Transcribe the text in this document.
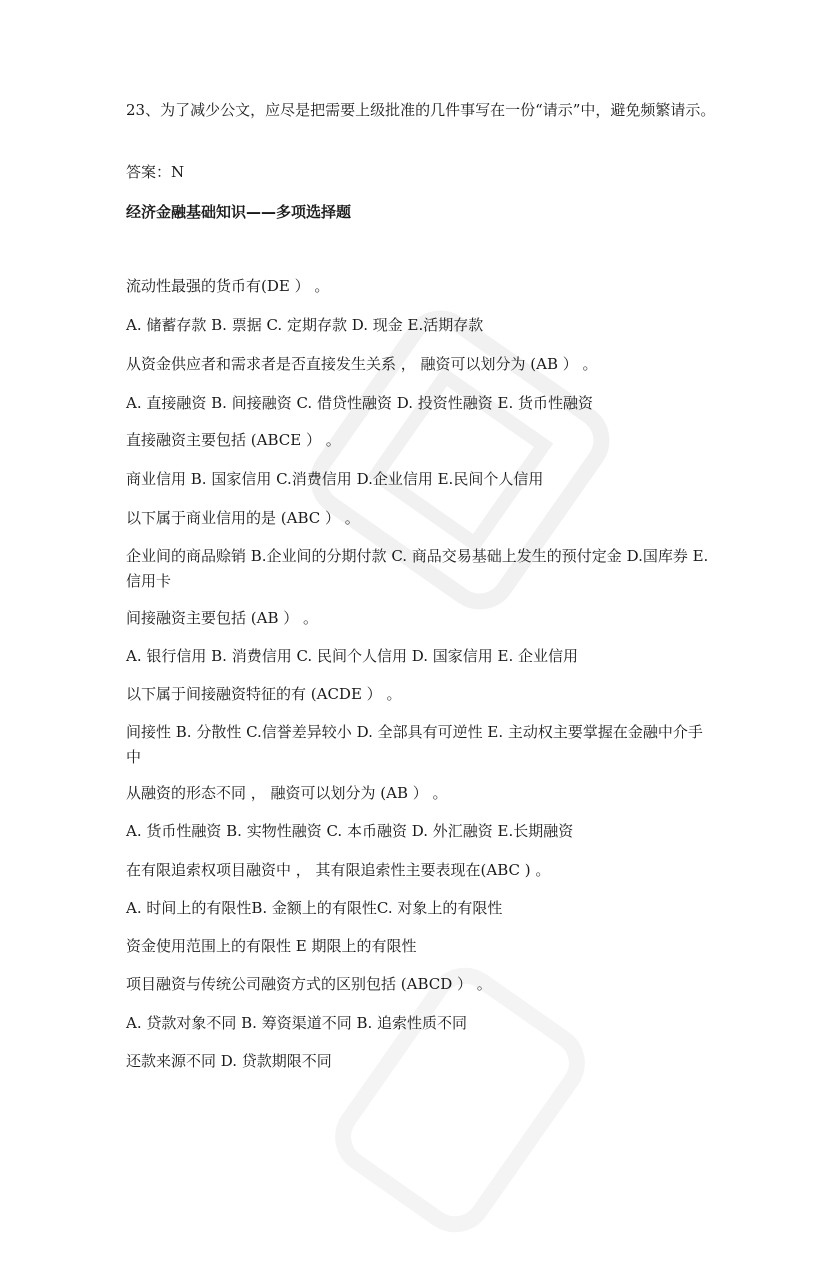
23、为了减少公文，应尽是把需要上级批准的几件事写在一份“请示”中，避免频繁请示。
答案：N
经济金融基础知识——多项选择题
流动性最强的货币有(DE ） 。
A. 储蓄存款 B. 票据 C. 定期存款 D. 现金 E.活期存款
从资金供应者和需求者是否直接发生关系 ， 融资可以划分为 (AB ） 。
A. 直接融资 B. 间接融资 C. 借贷性融资 D. 投资性融资 E. 货币性融资
直接融资主要包括 (ABCE ） 。
商业信用 B. 国家信用 C.消费信用 D.企业信用 E.民间个人信用
以下属于商业信用的是 (ABC ） 。
企业间的商品赊销 B.企业间的分期付款 C. 商品交易基础上发生的预付定金 D.国库券 E.信用卡
间接融资主要包括 (AB ） 。
A. 银行信用 B. 消费信用 C. 民间个人信用 D. 国家信用 E. 企业信用
以下属于间接融资特征的有 (ACDE ） 。
间接性 B. 分散性 C.信誉差异较小 D. 全部具有可逆性 E. 主动权主要掌握在金融中介手中
从融资的形态不同 ， 融资可以划分为 (AB ） 。
A. 货币性融资 B. 实物性融资 C. 本币融资 D. 外汇融资 E.长期融资
在有限追索权项目融资中 ， 其有限追索性主要表现在(ABC ) 。
A. 时间上的有限性B. 金额上的有限性C. 对象上的有限性
资金使用范围上的有限性 E 期限上的有限性
项目融资与传统公司融资方式的区别包括 (ABCD ） 。
A. 贷款对象不同 B. 筹资渠道不同 B. 追索性质不同
还款来源不同 D. 贷款期限不同
